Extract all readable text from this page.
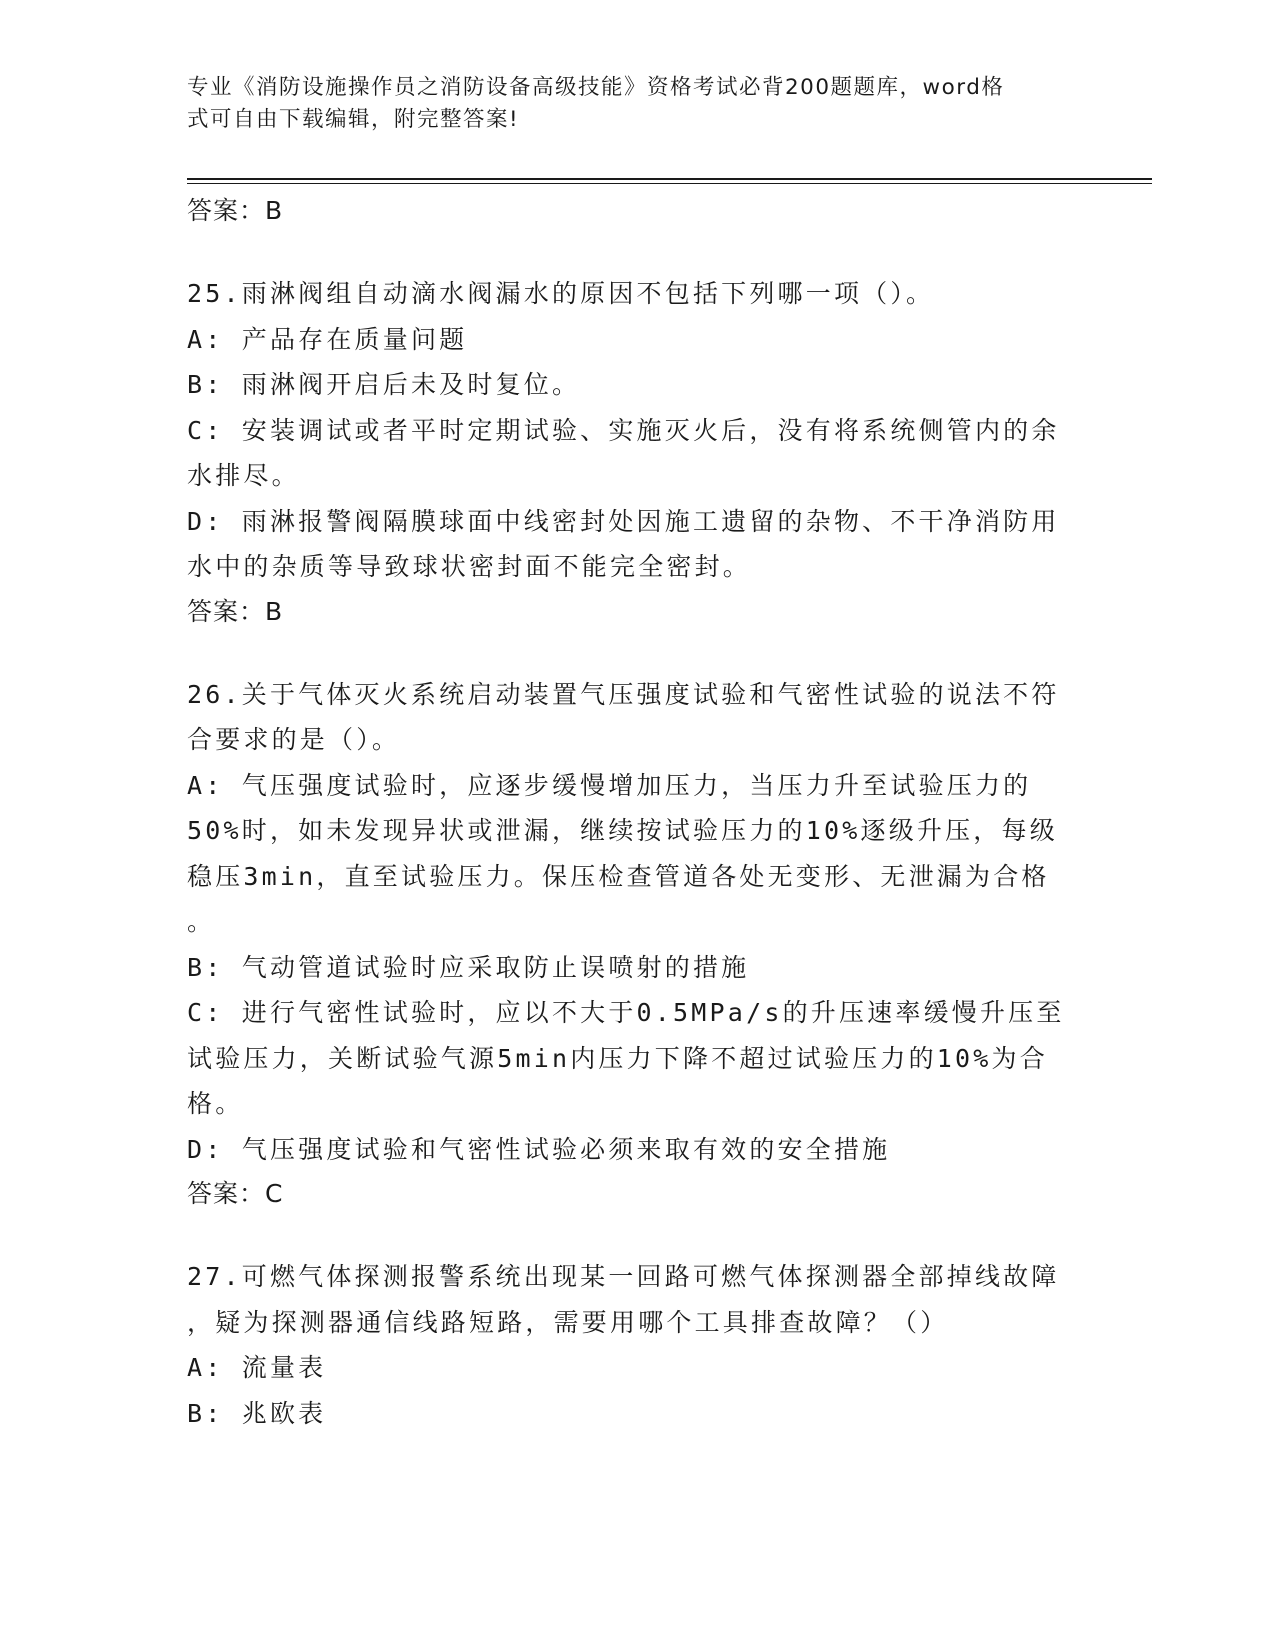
专业《消防设施操作员之消防设备高级技能》资格考试必背200题题库，word格
式可自由下载编辑，附完整答案!
答案：B
25.雨淋阀组自动滴水阀漏水的原因不包括下列哪一项（）。
A: 产品存在质量问题
B: 雨淋阀开启后未及时复位。
C: 安装调试或者平时定期试验、实施灭火后，没有将系统侧管内的余
水排尽。
D: 雨淋报警阀隔膜球面中线密封处因施工遗留的杂物、不干净消防用
水中的杂质等导致球状密封面不能完全密封。
答案：B
26.关于气体灭火系统启动装置气压强度试验和气密性试验的说法不符
合要求的是（）。
A: 气压强度试验时，应逐步缓慢增加压力，当压力升至试验压力的
50%时，如未发现异状或泄漏，继续按试验压力的10%逐级升压，每级
稳压3min，直至试验压力。保压检查管道各处无变形、无泄漏为合格
。
B: 气动管道试验时应采取防止误喷射的措施
C: 进行气密性试验时，应以不大于0.5MPa/s的升压速率缓慢升压至
试验压力，关断试验气源5min内压力下降不超过试验压力的10%为合
格。
D: 气压强度试验和气密性试验必须来取有效的安全措施
答案：C
27.可燃气体探测报警系统出现某一回路可燃气体探测器全部掉线故障
，疑为探测器通信线路短路，需要用哪个工具排查故障？（）
A: 流量表
B: 兆欧表
